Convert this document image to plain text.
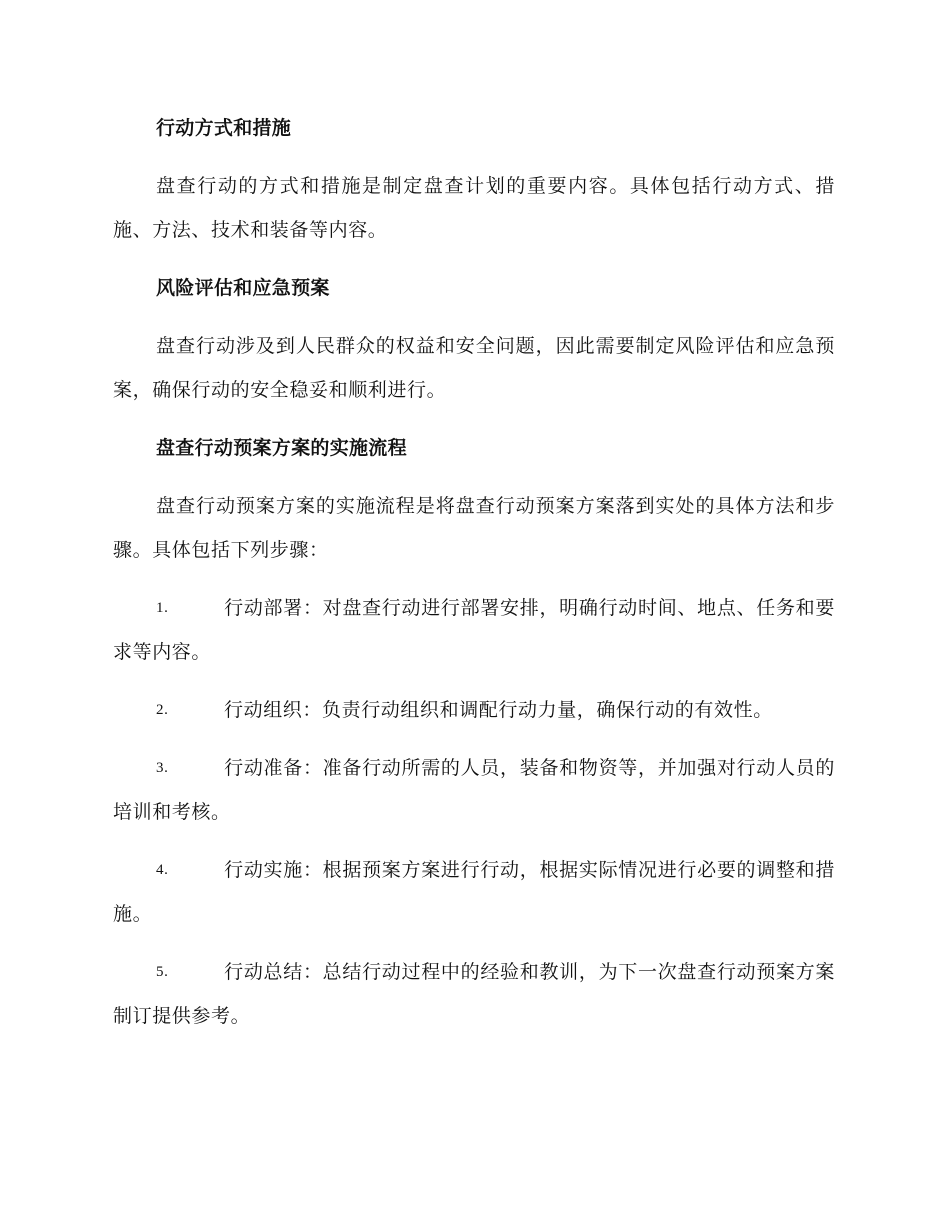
行动方式和措施

盘查行动的方式和措施是制定盘查计划的重要内容。具体包括行动方式、措施、方法、技术和装备等内容。

风险评估和应急预案

盘查行动涉及到人民群众的权益和安全问题，因此需要制定风险评估和应急预案，确保行动的安全稳妥和顺利进行。

盘查行动预案方案的实施流程

盘查行动预案方案的实施流程是将盘查行动预案方案落到实处的具体方法和步骤。具体包括下列步骤：

1.	行动部署：对盘查行动进行部署安排，明确行动时间、地点、任务和要求等内容。
2.	行动组织：负责行动组织和调配行动力量，确保行动的有效性。
3.	行动准备：准备行动所需的人员，装备和物资等，并加强对行动人员的培训和考核。
4.	行动实施：根据预案方案进行行动，根据实际情况进行必要的调整和措施。
5.	行动总结：总结行动过程中的经验和教训，为下一次盘查行动预案方案制订提供参考。
